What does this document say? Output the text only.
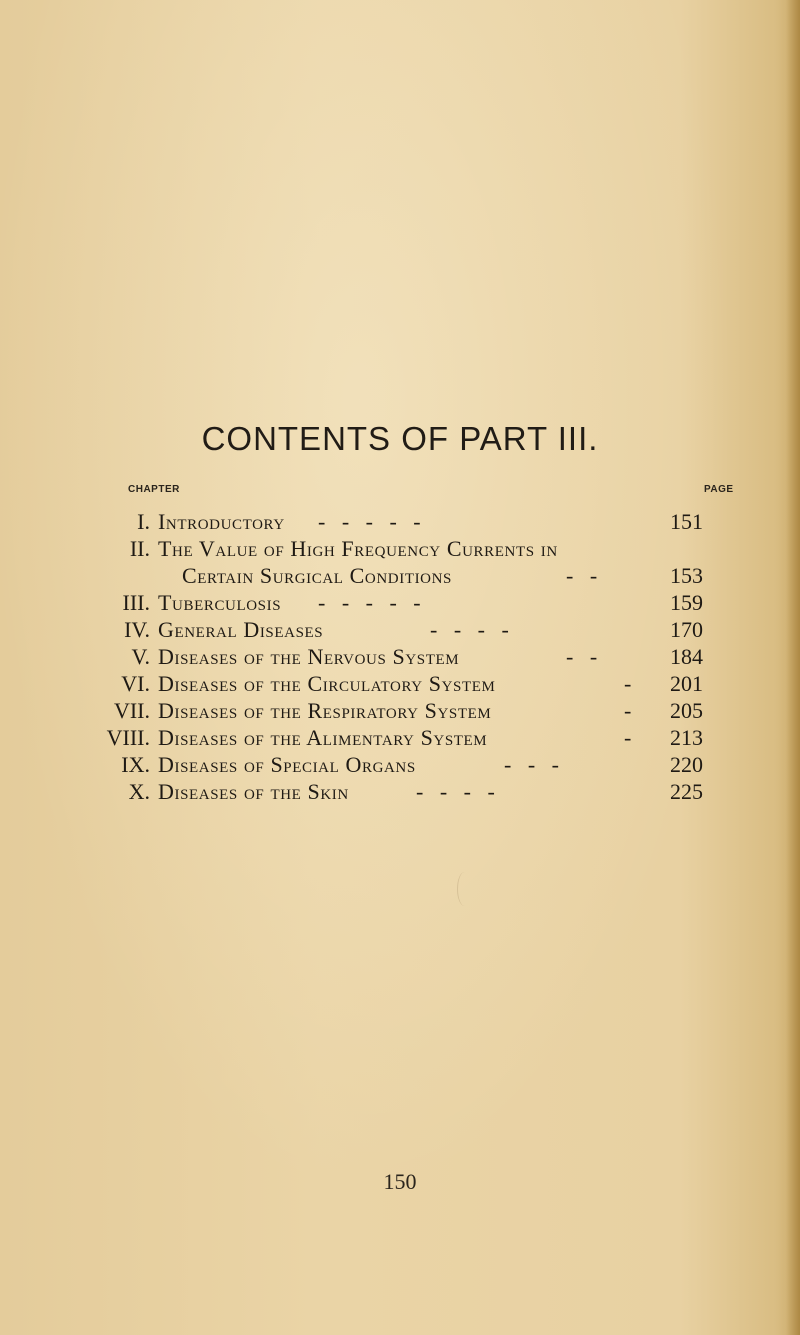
CONTENTS OF PART III.
CHAPTER	PAGE
I. Introductory -   -   -   -   -	151
II. The Value of High Frequency Currents in
Certain Surgical Conditions	-   -	153
III. Tuberculosis -   -   -   -   -	159
IV. General Diseases	-   -   -   -	170
V. Diseases of the Nervous System	-   -	184
VI. Diseases of the Circulatory System	- 201
VII. Diseases of the Respiratory System	- 205
VIII. Diseases of the Alimentary System	- 213
IX. Diseases of Special Organs	-   -   -	220
X. Diseases of the Skin	-   -   -   -	225
150
